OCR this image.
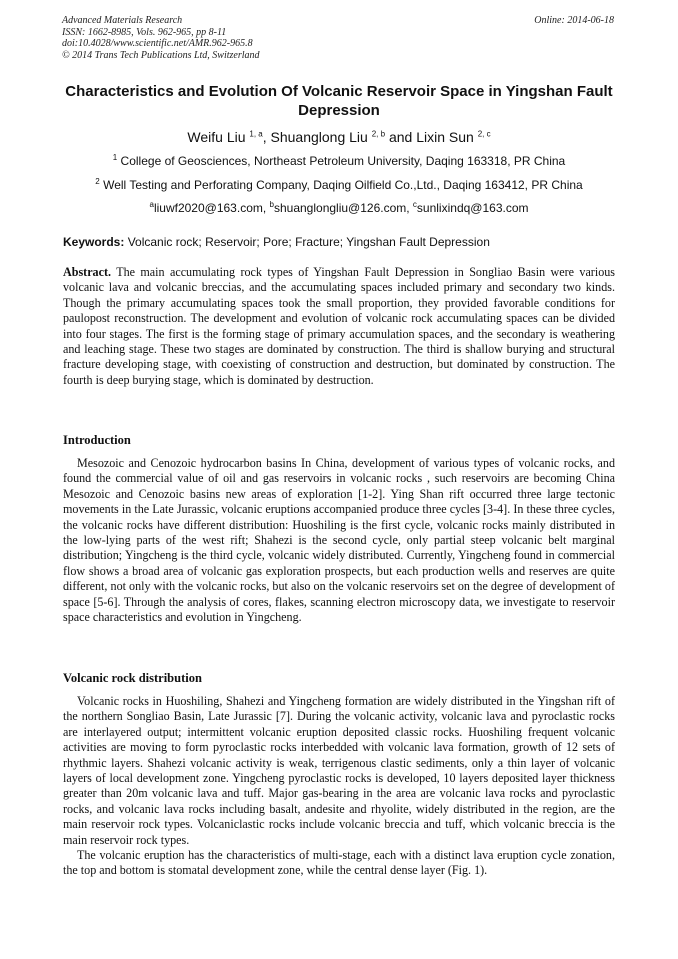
Advanced Materials Research
ISSN: 1662-8985, Vols. 962-965, pp 8-11
doi:10.4028/www.scientific.net/AMR.962-965.8
© 2014 Trans Tech Publications Ltd, Switzerland
Online: 2014-06-18
Characteristics and Evolution Of Volcanic Reservoir Space in Yingshan Fault Depression
Weifu Liu $^{1, a}$, Shuanglong Liu $^{2, b}$ and Lixin Sun $^{2, c}$
$^1$ College of Geosciences, Northeast Petroleum University, Daqing 163318, PR China
$^2$ Well Testing and Perforating Company, Daqing Oilfield Co.,Ltd., Daqing 163412, PR China
$^a$liuwf2020@163.com, $^b$shuanglongliu@126.com, $^c$sunlixindq@163.com
Keywords: Volcanic rock; Reservoir; Pore; Fracture; Yingshan Fault Depression

Abstract. The main accumulating rock types of Yingshan Fault Depression in Songliao Basin were various volcanic lava and volcanic breccias, and the accumulating spaces included primary and secondary two kinds. Though the primary accumulating spaces took the small proportion, they provided favorable conditions for paulopost reconstruction. The development and evolution of volcanic rock accumulating spaces can be divided into four stages. The first is the forming stage of primary accumulation spaces, and the secondary is weathering and leaching stage. These two stages are dominated by construction. The third is shallow burying and structural fracture developing stage, with coexisting of construction and destruction, but dominated by construction. The fourth is deep burying stage, which is dominated by destruction.

Introduction

Mesozoic and Cenozoic hydrocarbon basins In China, development of various types of volcanic rocks, and found the commercial value of oil and gas reservoirs in volcanic rocks , such reservoirs are becoming China Mesozoic and Cenozoic basins new areas of exploration [1-2]. Ying Shan rift occurred three large tectonic movements in the Late Jurassic, volcanic eruptions accompanied produce three cycles [3-4]. In these three cycles, the volcanic rocks have different distribution: Huoshiling is the first cycle, volcanic rocks mainly distributed in the low-lying parts of the west rift; Shahezi is the second cycle, only partial steep volcanic belt marginal distribution; Yingcheng is the third cycle, volcanic widely distributed. Currently, Yingcheng found in commercial flow shows a broad area of volcanic gas exploration prospects, but each production wells and reserves are quite different, not only with the volcanic rocks, but also on the volcanic reservoirs set on the degree of development of space [5-6]. Through the analysis of cores, flakes, scanning electron microscopy data, we investigate to reservoir space characteristics and evolution in Yingcheng.

Volcanic rock distribution

Volcanic rocks in Huoshiling, Shahezi and Yingcheng formation are widely distributed in the Yingshan rift of the northern Songliao Basin, Late Jurassic [7]. During the volcanic activity, volcanic lava and pyroclastic rocks are interlayered output; intermittent volcanic eruption deposited classic rocks. Huoshiling frequent volcanic activities are moving to form pyroclastic rocks interbedded with volcanic lava formation, growth of 12 sets of rhythmic layers. Shahezi volcanic activity is weak, terrigenous clastic sediments, only a thin layer of volcanic layers of local development zone. Yingcheng pyroclastic rocks is developed, 10 layers deposited layer thickness greater than 20m volcanic lava and tuff. Major gas-bearing in the area are volcanic lava rocks and pyroclastic rocks, and volcanic lava rocks including basalt, andesite and rhyolite, widely distributed in the region, are the main reservoir rock types. Volcaniclastic rocks include volcanic breccia and tuff, which volcanic breccia is the main reservoir rock types.

The volcanic eruption has the characteristics of multi-stage, each with a distinct lava eruption cycle zonation, the top and bottom is stomatal development zone, while the central dense layer (Fig. 1).
